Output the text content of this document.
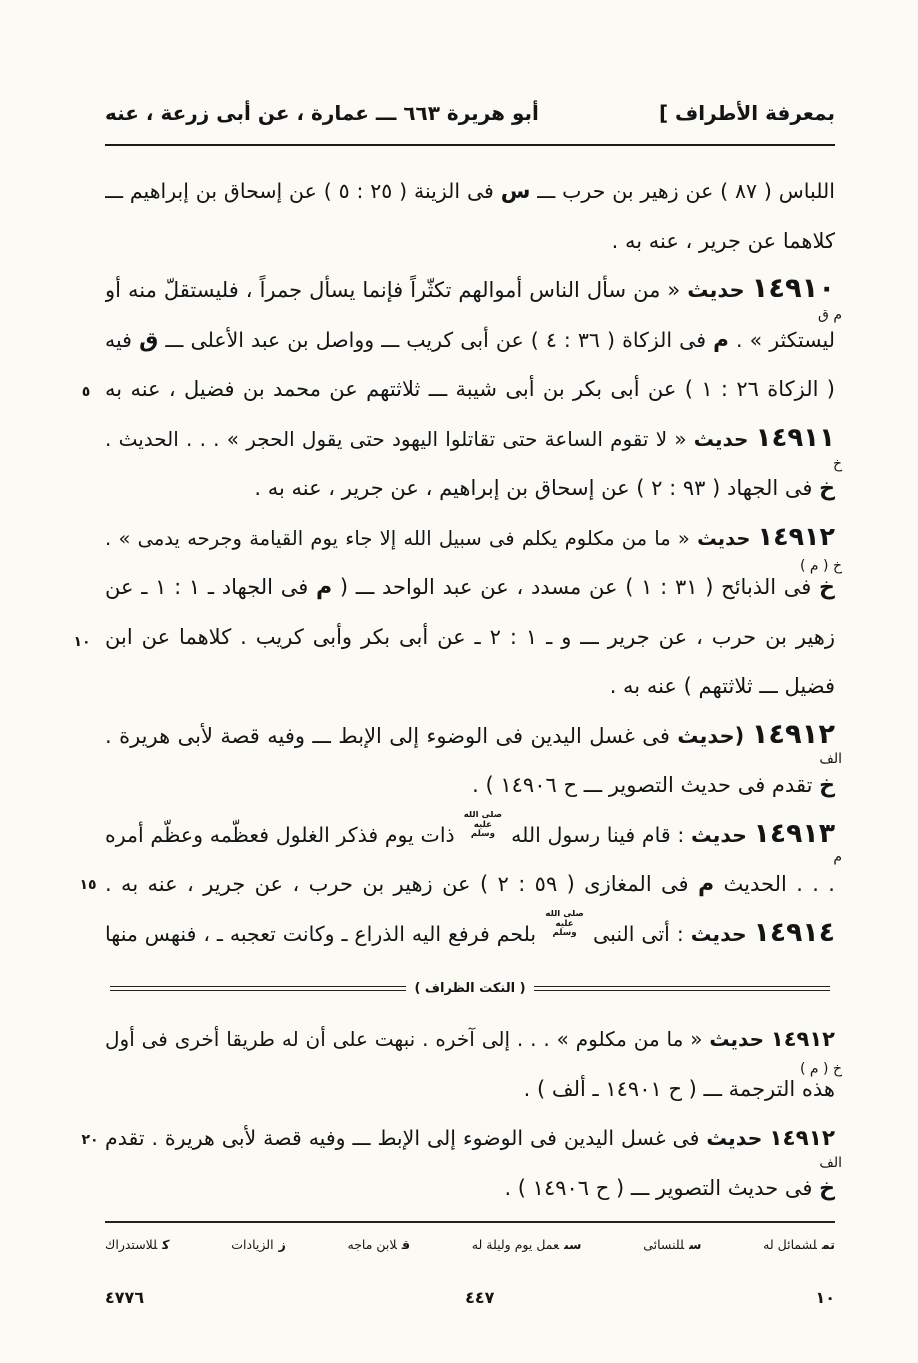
بمعرفة الأطراف ]
أبو هريرة ٦٦٣ ـــ عمارة ، عن أبى زرعة ، عنه
اللباس ( ٨٧ ) عن زهير بن حرب ـــ س فى الزينة ( ٢٥ : ٥ ) عن إسحاق بن إبراهيم ـــ
كلاهما عن جرير ، عنه به .
١٤٩١٠ حديث « من سأل الناس أموالهم تكثّراً فإنما يسأل جمراً ، فليستقلّ منه أو
ليستكثر » . م فى الزكاة ( ٣٦ : ٤ ) عن أبى كريب ـــ وواصل بن عبد الأعلى ـــ ق فيه
( الزكاة ٢٦ : ١ ) عن أبى بكر بن أبى شيبة ـــ ثلاثتهم عن محمد بن فضيل ، عنه به
١٤٩١١ حديث « لا تقوم الساعة حتى تقاتلوا اليهود حتى يقول الحجر » . . . الحديث .
خ فى الجهاد ( ٩٣ : ٢ ) عن إسحاق بن إبراهيم ، عن جرير ، عنه به .
١٤٩١٢ حديث « ما من مكلوم يكلم فى سبيل الله إلا جاء يوم القيامة وجرحه يدمى » .
خ فى الذبائح ( ٣١ : ١ ) عن مسدد ، عن عبد الواحد ـــ ( م فى الجهاد ـ ١ : ١ ـ عن
زهير بن حرب ، عن جرير ـــ و ـ ١ : ٢ ـ عن أبى بكر وأبى كريب . كلاهما عن ابن
فضيل ـــ ثلاثتهم ) عنه به .
١٤٩١٢ (حديث فى غسل اليدين فى الوضوء إلى الإبط ـــ وفيه قصة لأبى هريرة .
خ تقدم فى حديث التصوير ـــ ح ١٤٩٠٦ ) .
١٤٩١٣ حديث : قام فينا رسول الله صلى الله عليه وسلم ذات يوم فذكر الغلول فعظّمه وعظّم أمره
. . . الحديث م فى المغازى ( ٥٩ : ٢ ) عن زهير بن حرب ، عن جرير ، عنه به .
١٤٩١٤ حديث : أتى النبى صلى الله عليه وسلم بلحم فرفع اليه الذراع ـ وكانت تعجبه ـ ، فنهس منها
م ق
خ
خ ( م )
الف
م
خ ( م )
الف
٥
١٠
١٥
٢٠
( النكت الظراف )
١٤٩١٢ حديث « ما من مكلوم » . . . إلى آخره . نبهت على أن له طريقا أخرى فى أول
هذه الترجمة ـــ ( ح ١٤٩٠١ ـ ألف ) .
١٤٩١٢ حديث فى غسل اليدين فى الوضوء إلى الإبط ـــ وفيه قصة لأبى هريرة . تقدم
خ فى حديث التصوير ـــ ( ح ١٤٩٠٦ ) .
تملشمائل له
سللنسائى
سىعمل يوم وليلة له
قلابن ماجه
زالزيادات
كللاستدراك
١٠
٤٤٧
٤٧٧٦
